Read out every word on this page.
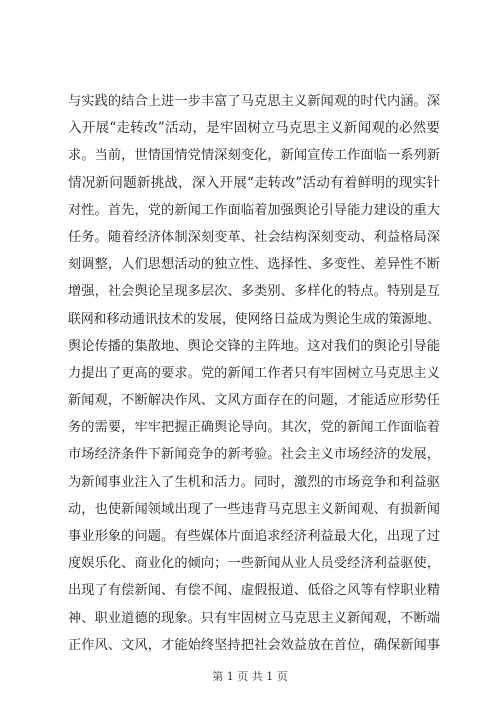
与实践的结合上进一步丰富了马克思主义新闻观的时代内涵。深
入开展“走转改”活动，是牢固树立马克思主义新闻观的必然要
求。当前，世情国情党情深刻变化，新闻宣传工作面临一系列新
情况新问题新挑战，深入开展“走转改”活动有着鲜明的现实针
对性。首先，党的新闻工作面临着加强舆论引导能力建设的重大
任务。随着经济体制深刻变革、社会结构深刻变动、利益格局深
刻调整，人们思想活动的独立性、选择性、多变性、差异性不断
增强，社会舆论呈现多层次、多类别、多样化的特点。特别是互
联网和移动通讯技术的发展，使网络日益成为舆论生成的策源地、
舆论传播的集散地、舆论交锋的主阵地。这对我们的舆论引导能
力提出了更高的要求。党的新闻工作者只有牢固树立马克思主义
新闻观，不断解决作风、文风方面存在的问题，才能适应形势任
务的需要，牢牢把握正确舆论导向。其次，党的新闻工作面临着
市场经济条件下新闻竞争的新考验。社会主义市场经济的发展，
为新闻事业注入了生机和活力。同时，激烈的市场竞争和利益驱
动，也使新闻领域出现了一些违背马克思主义新闻观、有损新闻
事业形象的问题。有些媒体片面追求经济利益最大化，出现了过
度娱乐化、商业化的倾向；一些新闻从业人员受经济利益驱使，
出现了有偿新闻、有偿不闻、虚假报道、低俗之风等有悖职业精
神、职业道德的现象。只有牢固树立马克思主义新闻观，不断端
正作风、文风，才能始终坚持把社会效益放在首位，确保新闻事
第 1 页 共 1 页
